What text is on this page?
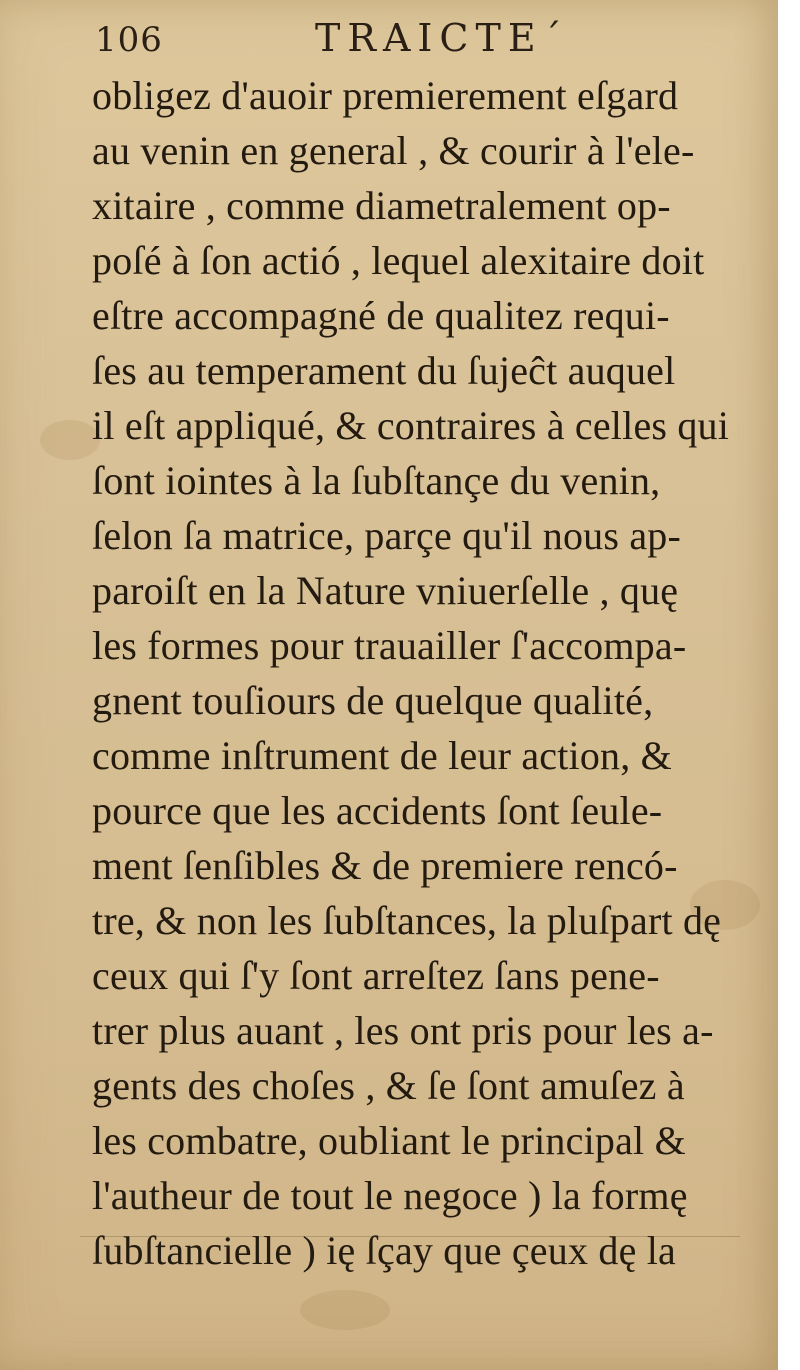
106	TRAICTE´
obligez d'auoir premierement eſgard
au venin en general , & courir à l'ele-
xitaire , comme diametralement op-
poſé à ſon actió , lequel alexitaire doit
eſtre accompagné de qualitez requi-
ſes au temperament du ſujeĉt auquel
il eſt appliqué, & contraires à celles qui
ſont iointes à la ſubſtançe du venin,
ſelon ſa matrice, parçe qu'il nous ap-
paroiſt en la Nature vniuerſelle , quę
les formes pour trauailler ſ'accompa-
gnent touſiours de quelque qualité,
comme inſtrument de leur action, &
pource que les accidents ſont ſeule-
ment ſenſibles & de premiere rencó-
tre, & non les ſubſtances, la pluſpart dę
ceux qui ſ'y ſont arreſtez ſans pene-
trer plus auant , les ont pris pour les a-
gents des choſes , & ſe ſont amuſez à
les combatre, oubliant le principal &
l'autheur de tout le negoce ) la formę
ſubſtancielle ) ię ſçay que çeux dę la
